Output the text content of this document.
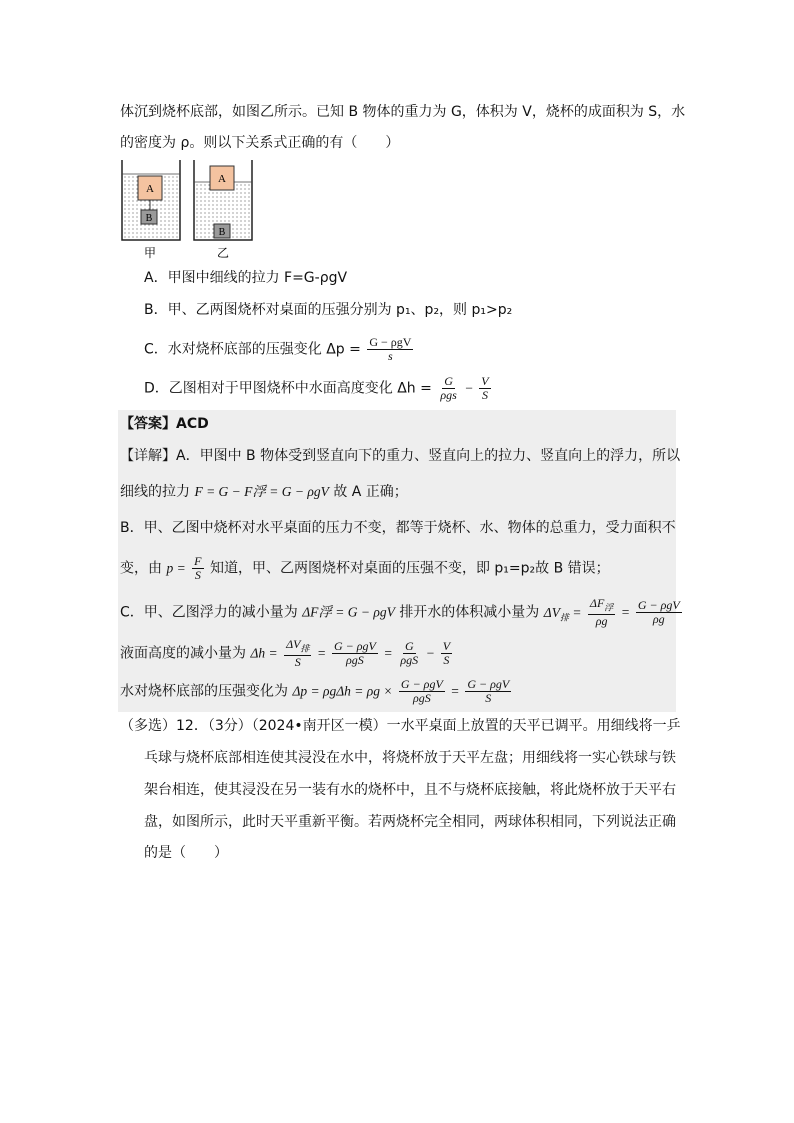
体沉到烧杯底部，如图乙所示。已知 B 物体的重力为 G，体积为 V，烧杯的成面积为 S，水
的密度为 ρ。则以下关系式正确的有（　　）
A
B
甲
A
B
乙
A．甲图中细线的拉力 F=G-ρgV
B．甲、乙两图烧杯对桌面的压强分别为 p₁、p₂，则 p₁>p₂
C．水对烧杯底部的压强变化 $\Delta p = \frac{\text{G − ρgV}}{s}$
D．乙图相对于甲图烧杯中水面高度变化 $\Delta h = \frac{G}{\text{ρgs}} - \frac{V}{S}$
【答案】ACD
【详解】A．甲图中 B 物体受到竖直向下的重力、竖直向上的拉力、竖直向上的浮力，所以
细线的拉力 F = G − F浮 = G − ρgV 故 A 正确；
B．甲、乙图中烧杯对水平桌面的压力不变，都等于烧杯、水、物体的总重力，受力面积不
变，由 $p = \frac{F}{S}$ 知道，甲、乙两图烧杯对桌面的压强不变，即 p₁=p₂故 B 错误；
C．甲、乙图浮力的减小量为 ΔF浮 = G − ρgV 排开水的体积减小量为 $\Delta V_排 = \frac{\Delta F_浮}{\rho g} = \frac{\text{G − ρgV}}{\rho g}$
液面高度的减小量为 $\Delta h = \frac{\Delta V_排}{S} = \frac{\text{G − ρgV}}{\text{ρgS}} = \frac{G}{\text{ρgS}} - \frac{V}{S}$
水对烧杯底部的压强变化为 $\Delta p = \rho g\Delta h = \rho g \times \frac{\text{G − ρgV}}{\text{ρgS}} = \frac{\text{G − ρgV}}{S}$
（多选）12．（3分）（2024•南开区一模）一水平桌面上放置的天平已调平。用细线将一乒
乓球与烧杯底部相连使其浸没在水中，将烧杯放于天平左盘；用细线将一实心铁球与铁
架台相连，使其浸没在另一装有水的烧杯中，且不与烧杯底接触，将此烧杯放于天平右
盘，如图所示，此时天平重新平衡。若两烧杯完全相同，两球体积相同，下列说法正确
的是（　　）
